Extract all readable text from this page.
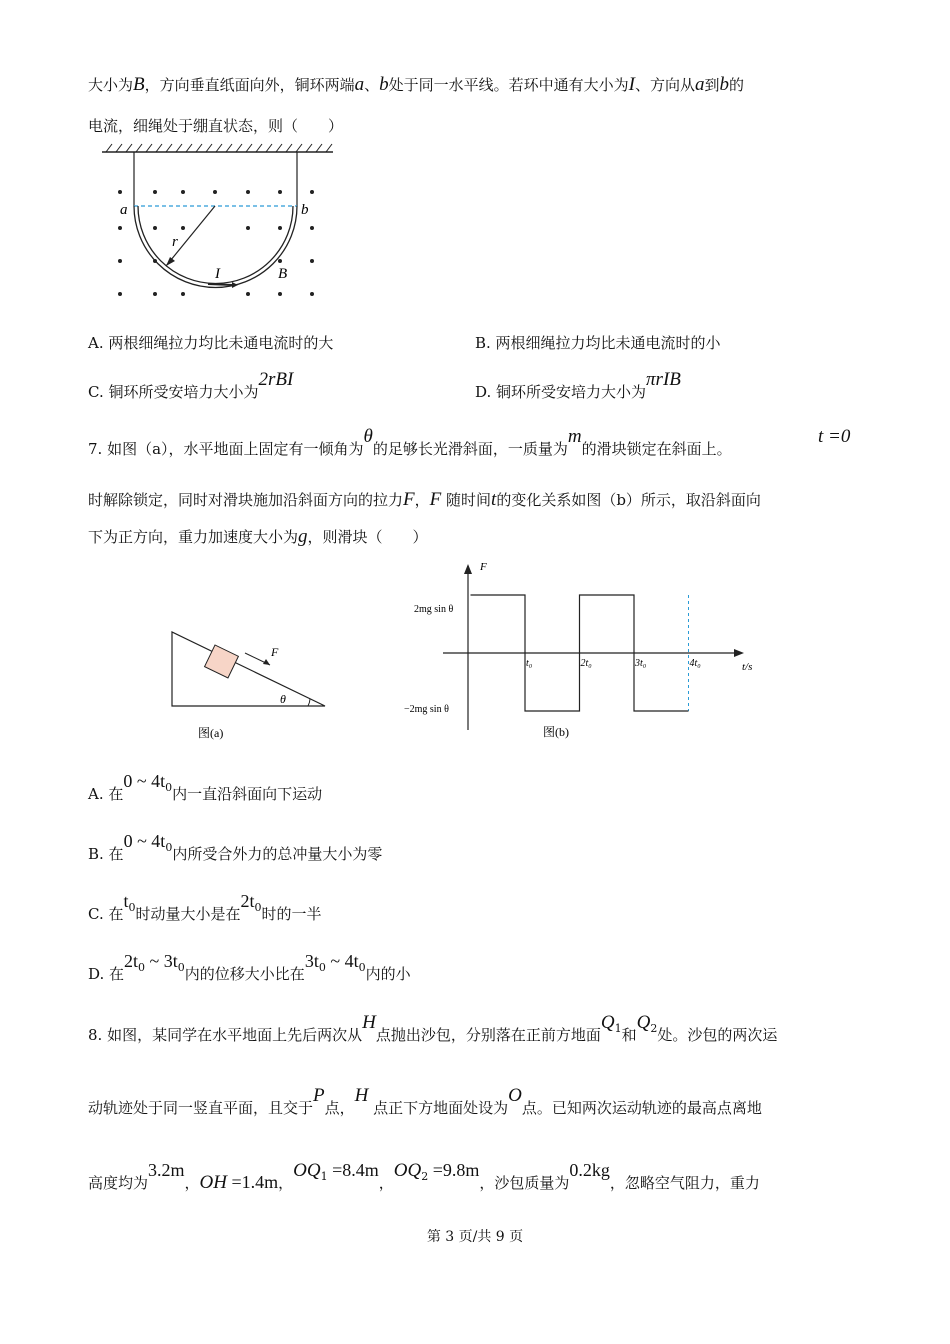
大小为B，方向垂直纸面向外，铜环两端a、b处于同一水平线。若环中通有大小为I、方向从a到b的
电流，细绳处于绷直状态，则（　　）
a	b
r
I	B
A. 两根细绳拉力均比未通电流时的大	B. 两根细绳拉力均比未通电流时的小
C. 铜环所受安培力大小为2rBI
D. 铜环所受安培力大小为πrIB
7. 如图（a），水平地面上固定有一倾角为θ的足够长光滑斜面，一质量为m的滑块锁定在斜面上。
t =0
时解除锁定，同时对滑块施加沿斜面方向的拉力F，F 随时间t的变化关系如图（b）所示，取沿斜面向
下为正方向，重力加速度大小为g，则滑块（　　）
F
θ
图(a)
F
t/s
2mg sin θ
−2mg sin θ
t₀	2t₀	3t₀	4t₀
图(b)
A. 在0 ~ $4t_0$内一直沿斜面向下运动
B. 在0 ~ $4t_0$内所受合外力的总冲量大小为零
C. 在$t_0$时动量大小是在$2t_0$时的一半
D. 在$2t_0$ ~ $3t_0$内的位移大小比在$3t_0$ ~ $4t_0$内的小
8. 如图，某同学在水平地面上先后两次从H点抛出沙包，分别落在正前方地面$Q_1$和$Q_2$处。沙包的两次运
动轨迹处于同一竖直平面，且交于P点，H 点正下方地面处设为O点。已知两次运动轨迹的最高点离地
高度均为3.2m，OH =1.4m，$OQ_1 =8.4m$，$OQ_2 =9.8m$，沙包质量为0.2kg，忽略空气阻力，重力
第 3 页/共 9 页
